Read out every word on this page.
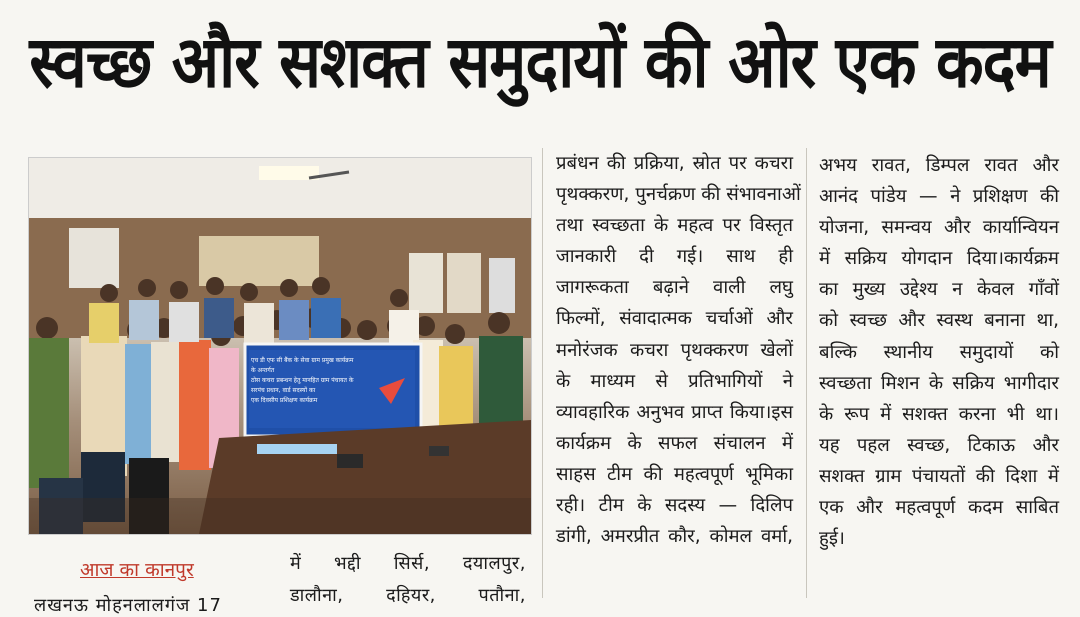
स्वच्छ और सशक्त समुदायों की ओर एक कदम
एच डी एफ सी बैंक के सेवा ग्राम प्रमुख कार्यक्रम
के अन्तर्गत
ठोस कचरा प्रबन्धन हेतु मानहित ग्राम पंचायत के
सरपंच प्रधान, वार्ड सदस्यों का
एक दिवसीय प्रशिक्षण कार्यक्रम
आज का कानपुर
लखनऊ मोहनलालगंज 17
में भद्दी सिर्स, दयालपुर,
डालौना, दहियर, पतौना,
प्रबंधन की प्रक्रिया, स्रोत पर कचरा
पृथक्करण, पुनर्चक्रण की संभावनाओं
तथा स्वच्छता के महत्व पर विस्तृत
जानकारी दी गई। साथ ही
जागरूकता बढ़ाने वाली लघु
फिल्मों, संवादात्मक चर्चाओं और
मनोरंजक कचरा पृथक्करण खेलों
के माध्यम से प्रतिभागियों ने
व्यावहारिक अनुभव प्राप्त किया।इस
कार्यक्रम के सफल संचालन में
साहस टीम की महत्वपूर्ण भूमिका
रही। टीम के सदस्य — दिलिप
डांगी, अमरप्रीत कौर, कोमल वर्मा,
अभय रावत, डिम्पल रावत और
आनंद पांडेय — ने प्रशिक्षण की
योजना, समन्वय और कार्यान्वियन
में सक्रिय योगदान दिया।कार्यक्रम
का मुख्य उद्देश्य न केवल गाँवों
को स्वच्छ और स्वस्थ बनाना था,
बल्कि स्थानीय समुदायों को
स्वच्छता मिशन के सक्रिय भागीदार
के रूप में सशक्त करना भी था।
यह पहल स्वच्छ, टिकाऊ और
सशक्त ग्राम पंचायतों की दिशा में
एक और महत्वपूर्ण कदम साबित
हुई।
